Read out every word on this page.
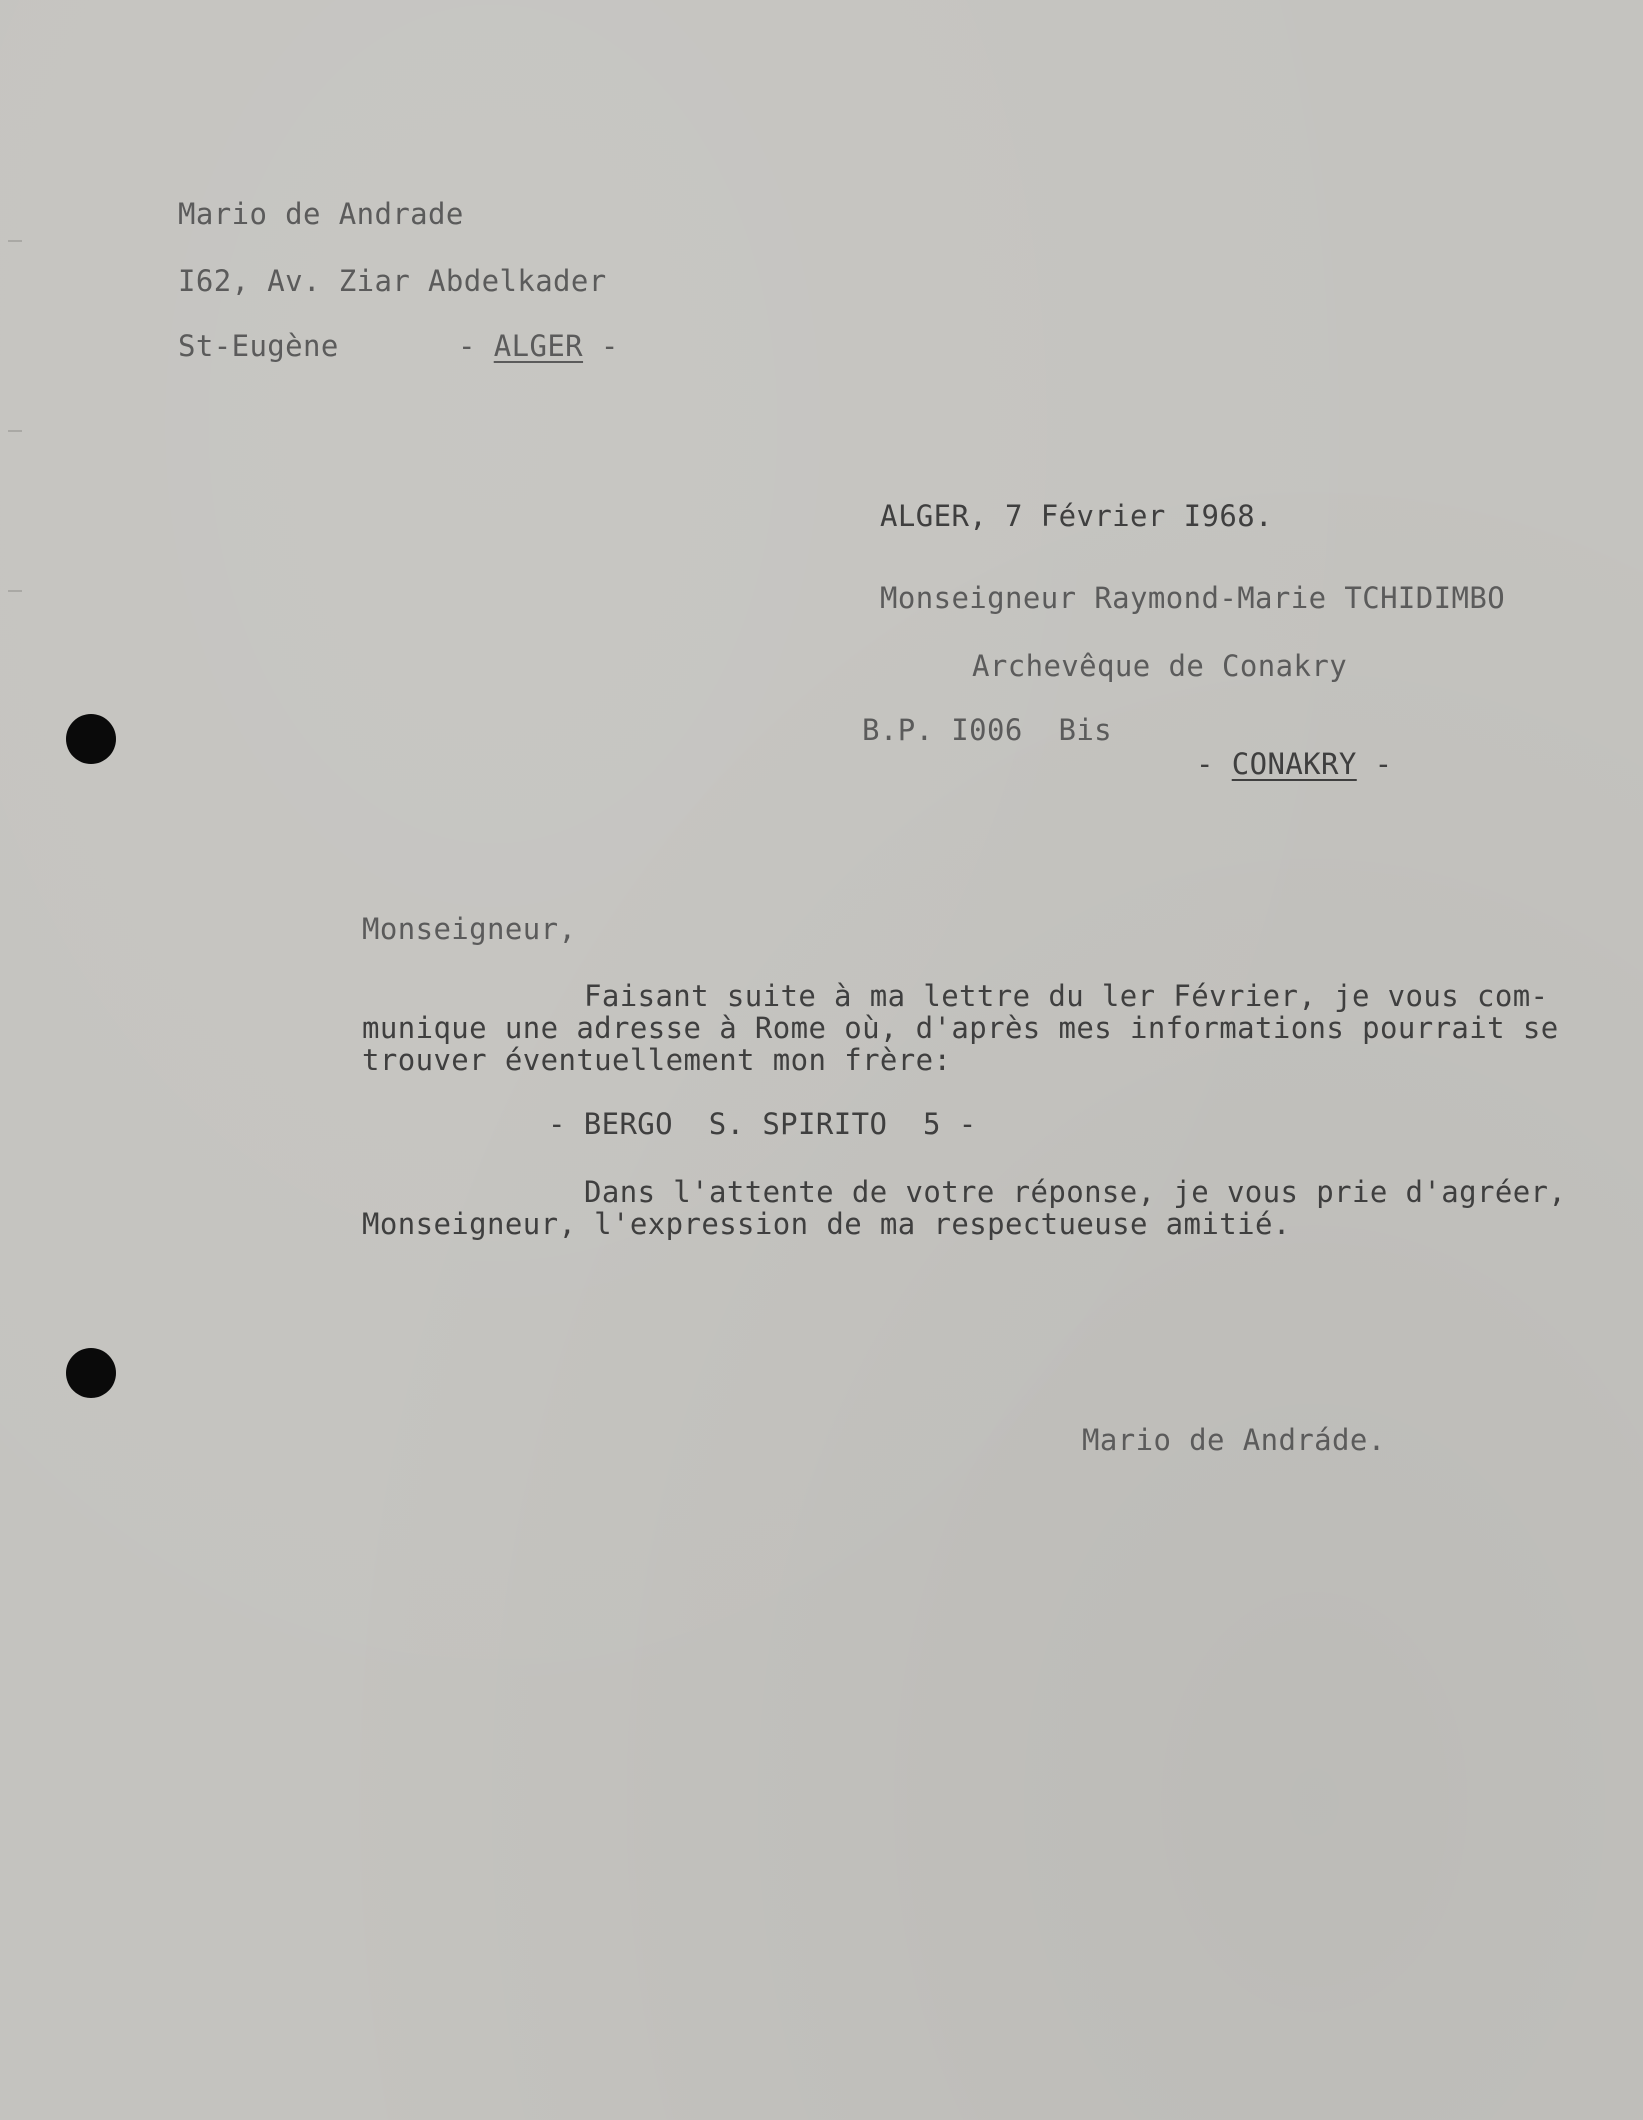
Mario de Andrade
I62, Av. Ziar Abdelkader
St-Eugène	- ALGER -
ALGER, 7 Février I968.
Monseigneur Raymond-Marie TCHIDIMBO
Archevêque de Conakry
B.P. I006  Bis
- CONAKRY -
Monseigneur,
Faisant suite à ma lettre du ler Février, je vous com-
munique une adresse à Rome où, d'après mes informations pourrait se
trouver éventuellement mon frère:
- BERGO  S. SPIRITO  5 -
Dans l'attente de votre réponse, je vous prie d'agréer,
Monseigneur, l'expression de ma respectueuse amitié.
Mario de Andráde.
